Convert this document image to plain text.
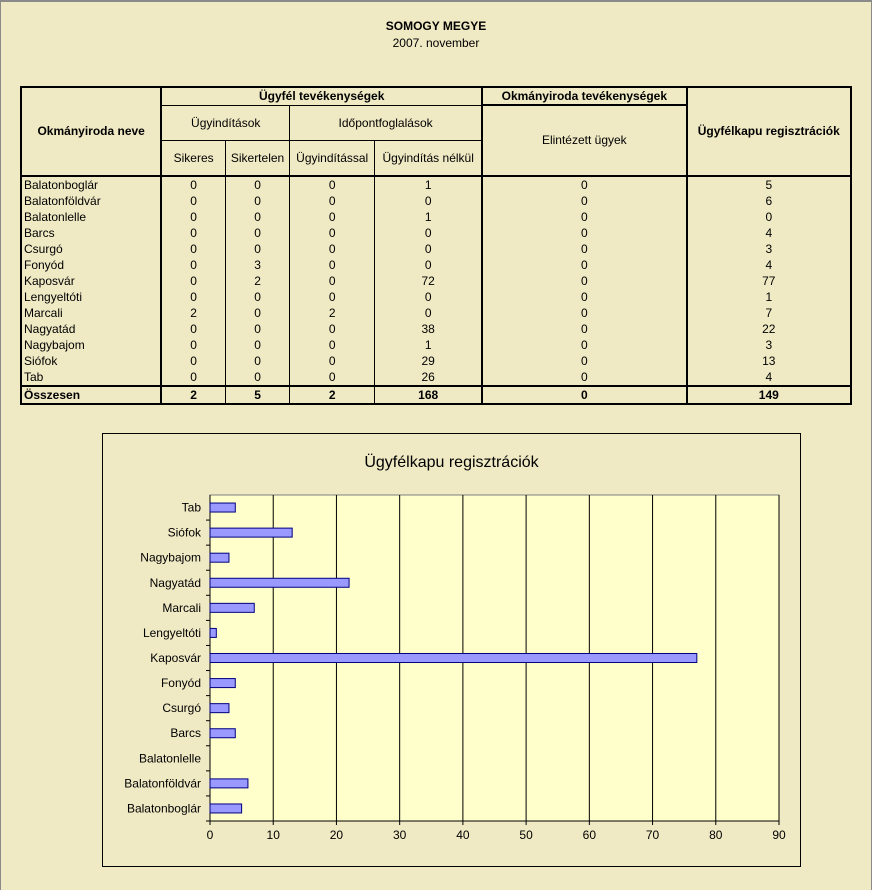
SOMOGY MEGYE
2007. november
Okmányiroda neve	Ügyfél tevékenységek				Okmányiroda tevékenységek	Ügyfélkapu regisztrációk
	Ügyindítások		Időpontfoglalások		Elintézett ügyek	
	Sikeres	Sikertelen	Ügyindítással	Ügyindítás nélkül		
Balatonboglár	0	0	0	1	0	5
Balatonföldvár	0	0	0	0	0	6
Balatonlelle	0	0	0	1	0	0
Barcs	0	0	0	0	0	4
Csurgó	0	0	0	0	0	3
Fonyód	0	3	0	0	0	4
Kaposvár	0	2	0	72	0	77
Lengyeltóti	0	0	0	0	0	1
Marcali	2	0	2	0	0	7
Nagyatád	0	0	0	38	0	22
Nagybajom	0	0	0	1	0	3
Siófok	0	0	0	29	0	13
Tab	0	0	0	26	0	4
Összesen	2	5	2	168	0	149
Ügyfélkapu regisztrációk
0	10	20	30	40	50	60	70	80	90
Balatonboglár
Balatonföldvár
Balatonlelle
Barcs
Csurgó
Fonyód
Kaposvár
Lengyeltóti
Marcali
Nagyatád
Nagybajom
Siófok
Tab
